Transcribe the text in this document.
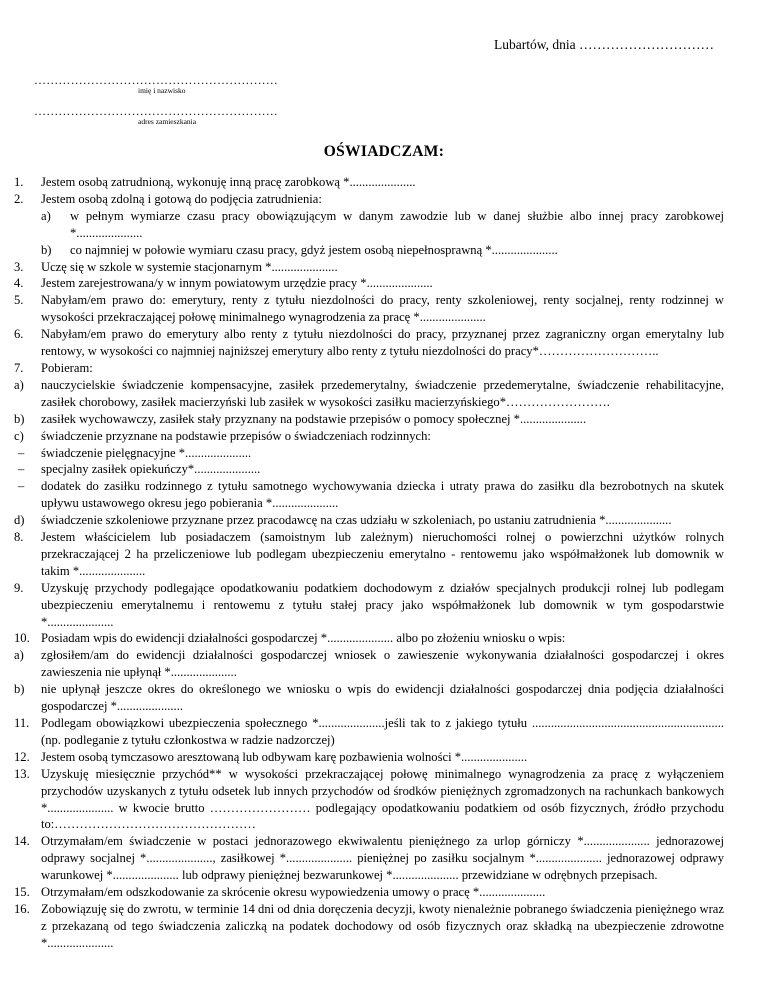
Lubartów, dnia …………………………
……………………………………………………
imię i nazwisko
……………………………………………………
adres zamieszkania
OŚWIADCZAM:
1. Jestem osobą zatrudnioną, wykonuję inną pracę zarobkową *.....................
2. Jestem osobą zdolną i gotową do podjęcia zatrudnienia:
a) w pełnym wymiarze czasu pracy obowiązującym w danym zawodzie lub w danej służbie albo innej pracy zarobkowej *.....................
b) co najmniej w połowie wymiaru czasu pracy, gdyż jestem osobą niepełnosprawną *.....................
3. Uczę się w szkole w systemie stacjonarnym *.....................
4. Jestem zarejestrowana/y w innym powiatowym urzędzie pracy *.....................
5. Nabyłam/em prawo do: emerytury, renty z tytułu niezdolności do pracy, renty szkoleniowej, renty socjalnej, renty rodzinnej w wysokości przekraczającej połowę minimalnego wynagrodzenia za pracę *.....................
6. Nabyłam/em prawo do emerytury albo renty z tytułu niezdolności do pracy, przyznanej przez zagraniczny organ emerytalny lub rentowy, w wysokości co najmniej najniższej emerytury albo renty z tytułu niezdolności do pracy*………………………..
7. Pobieram:
a) nauczycielskie świadczenie kompensacyjne, zasiłek przedemerytalny, świadczenie przedemerytalne, świadczenie rehabilitacyjne, zasiłek chorobowy, zasiłek macierzyński lub zasiłek w wysokości zasiłku macierzyńskiego*…………………….
b) zasiłek wychowawczy, zasiłek stały przyznany na podstawie przepisów o pomocy społecznej *.....................
c) świadczenie przyznane na podstawie przepisów o świadczeniach rodzinnych:
– świadczenie pielęgnacyjne *.....................
– specjalny zasiłek opiekuńczy*.....................
– dodatek do zasiłku rodzinnego z tytułu samotnego wychowywania dziecka i utraty prawa do zasiłku dla bezrobotnych na skutek upływu ustawowego okresu jego pobierania *.....................
d) świadczenie szkoleniowe przyznane przez pracodawcę na czas udziału w szkoleniach, po ustaniu zatrudnienia *.....................
8. Jestem właścicielem lub posiadaczem (samoistnym lub zależnym) nieruchomości rolnej o powierzchni użytków rolnych przekraczającej 2 ha przeliczeniowe lub podlegam ubezpieczeniu emerytalno - rentowemu jako współmałżonek lub domownik w takim *.....................
9. Uzyskuję przychody podlegające opodatkowaniu podatkiem dochodowym z działów specjalnych produkcji rolnej lub podlegam ubezpieczeniu emerytalnemu i rentowemu z tytułu stałej pracy jako współmałżonek lub domownik w tym gospodarstwie *.....................
10. Posiadam wpis do ewidencji działalności gospodarczej *..................... albo po złożeniu wniosku o wpis:
a) zgłosiłem/am do ewidencji działalności gospodarczej wniosek o zawieszenie wykonywania działalności gospodarczej i okres zawieszenia nie upłynął *.....................
b) nie upłynął jeszcze okres do określonego we wniosku o wpis do ewidencji działalności gospodarczej dnia podjęcia działalności gospodarczej *.....................
11. Podlegam obowiązkowi ubezpieczenia społecznego *.....................jeśli tak to z jakiego tytułu ............................................................. (np. podleganie z tytułu członkostwa w radzie nadzorczej)
12. Jestem osobą tymczasowo aresztowaną lub odbywam karę pozbawienia wolności *.....................
13. Uzyskuję miesięcznie przychód** w wysokości przekraczającej połowę minimalnego wynagrodzenia za pracę z wyłączeniem przychodów uzyskanych z tytułu odsetek lub innych przychodów od środków pieniężnych zgromadzonych na rachunkach bankowych *..................... w kwocie brutto …………………… podlegający opodatkowaniu podatkiem od osób fizycznych, źródło przychodu to:…………………………………………
14. Otrzymałam/em świadczenie w postaci jednorazowego ekwiwalentu pieniężnego za urlop górniczy *..................... jednorazowej odprawy socjalnej *....................., zasiłkowej *..................... pieniężnej po zasiłku socjalnym *..................... jednorazowej odprawy warunkowej *..................... lub odprawy pieniężnej bezwarunkowej *..................... przewidziane w odrębnych przepisach.
15. Otrzymałam/em odszkodowanie za skrócenie okresu wypowiedzenia umowy o pracę *.....................
16. Zobowiązuję się do zwrotu, w terminie 14 dni od dnia doręczenia decyzji, kwoty nienależnie pobranego świadczenia pieniężnego wraz z przekazaną od tego świadczenia zaliczką na podatek dochodowy od osób fizycznych oraz składką na ubezpieczenie zdrowotne *.....................
